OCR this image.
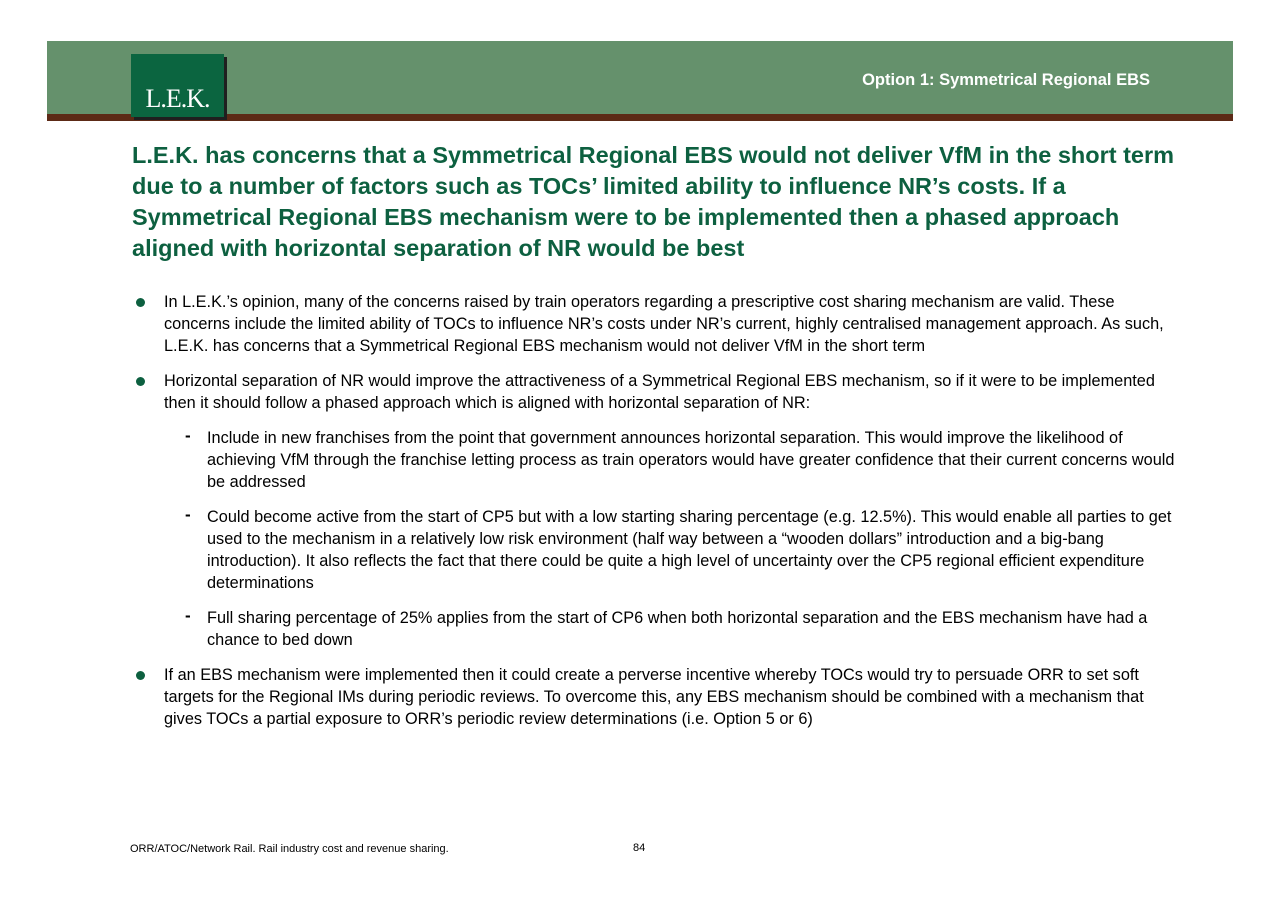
L.E.K.
Option 1: Symmetrical Regional EBS
L.E.K. has concerns that a Symmetrical Regional EBS would not deliver VfM in the short term due to a number of factors such as TOCs’ limited ability to influence NR’s costs. If a Symmetrical Regional EBS mechanism were to be implemented then a phased approach aligned with horizontal separation of NR would be best
In L.E.K.’s opinion, many of the concerns raised by train operators regarding a prescriptive cost sharing mechanism are valid. These concerns include the limited ability of TOCs to influence NR’s costs under NR’s current, highly centralised management approach. As such, L.E.K. has concerns that a Symmetrical Regional EBS mechanism would not deliver VfM in the short term
Horizontal separation of NR would improve the attractiveness of a Symmetrical Regional EBS mechanism, so if it were to be implemented then it should follow a phased approach which is aligned with horizontal separation of NR:
- Include in new franchises from the point that government announces horizontal separation. This would improve the likelihood of achieving VfM through the franchise letting process as train operators would have greater confidence that their current concerns would be addressed
- Could become active from the start of CP5 but with a low starting sharing percentage (e.g. 12.5%). This would enable all parties to get used to the mechanism in a relatively low risk environment (half way between a “wooden dollars” introduction and a big-bang introduction). It also reflects the fact that there could be quite a high level of uncertainty over the CP5 regional efficient expenditure determinations
- Full sharing percentage of 25% applies from the start of CP6 when both horizontal separation and the EBS mechanism have had a chance to bed down
If an EBS mechanism were implemented then it could create a perverse incentive whereby TOCs would try to persuade ORR to set soft targets for the Regional IMs during periodic reviews. To overcome this, any EBS mechanism should be combined with a mechanism that gives TOCs a partial exposure to ORR’s periodic review determinations (i.e. Option 5 or 6)
ORR/ATOC/Network Rail. Rail industry cost and revenue sharing.	84
